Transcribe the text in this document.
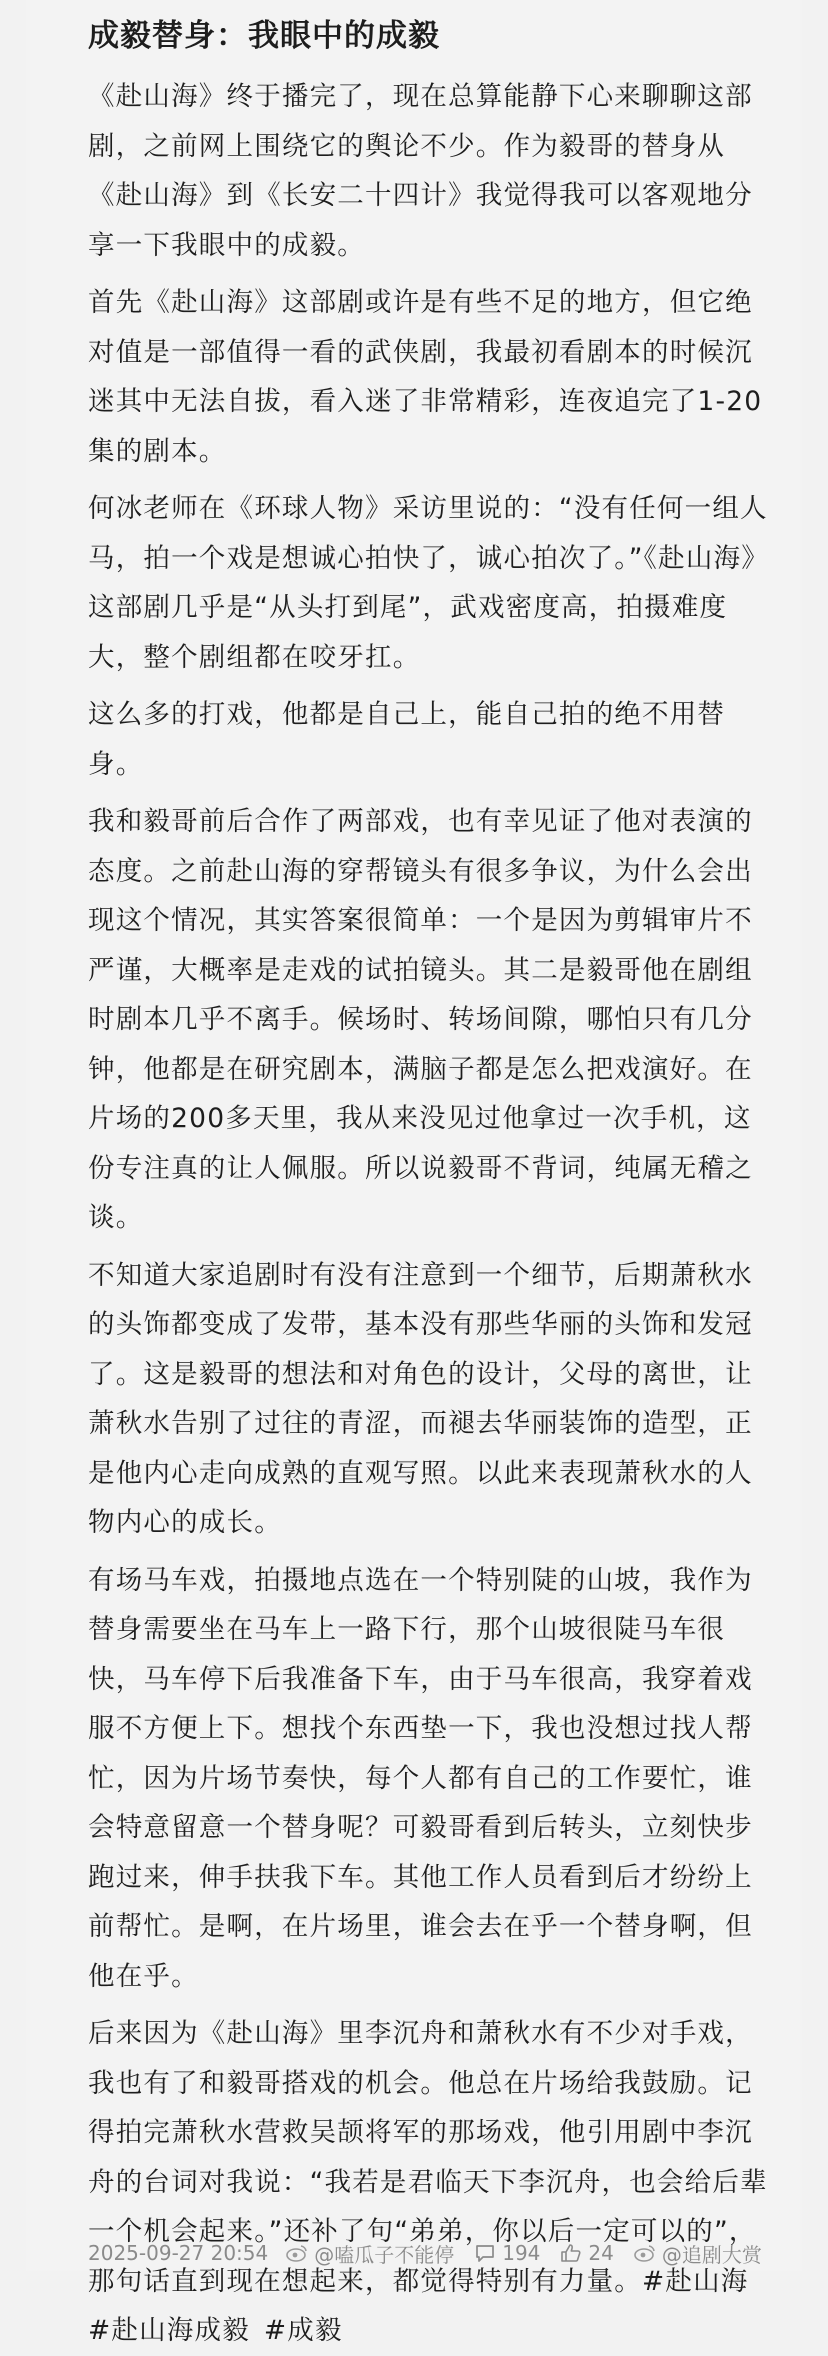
成毅替身：我眼中的成毅

《赴山海》终于播完了，现在总算能静下心来聊聊这部剧，之前网上围绕它的舆论不少。作为毅哥的替身从《赴山海》到《长安二十四计》我觉得我可以客观地分享一下我眼中的成毅。

首先《赴山海》这部剧或许是有些不足的地方，但它绝对值是一部值得一看的武侠剧，我最初看剧本的时候沉迷其中无法自拔，看入迷了非常精彩，连夜追完了1-20集的剧本。

何冰老师在《环球人物》采访里说的：“没有任何一组人马，拍一个戏是想诚心拍快了，诚心拍次了。”《赴山海》这部剧几乎是“从头打到尾”，武戏密度高，拍摄难度大，整个剧组都在咬牙扛。

这么多的打戏，他都是自己上，能自己拍的绝不用替身。

我和毅哥前后合作了两部戏，也有幸见证了他对表演的态度。之前赴山海的穿帮镜头有很多争议，为什么会出现这个情况，其实答案很简单：一个是因为剪辑审片不严谨，大概率是走戏的试拍镜头。其二是毅哥他在剧组时剧本几乎不离手。候场时、转场间隙，哪怕只有几分钟，他都是在研究剧本，满脑子都是怎么把戏演好。在片场的200多天里，我从来没见过他拿过一次手机，这份专注真的让人佩服。所以说毅哥不背词，纯属无稽之谈。

不知道大家追剧时有没有注意到一个细节，后期萧秋水的头饰都变成了发带，基本没有那些华丽的头饰和发冠了。这是毅哥的想法和对角色的设计，父母的离世，让萧秋水告别了过往的青涩，而褪去华丽装饰的造型，正是他内心走向成熟的直观写照。以此来表现萧秋水的人物内心的成长。

有场马车戏，拍摄地点选在一个特别陡的山坡，我作为替身需要坐在马车上一路下行，那个山坡很陡马车很快，马车停下后我准备下车，由于马车很高，我穿着戏服不方便上下。想找个东西垫一下，我也没想过找人帮忙，因为片场节奏快，每个人都有自己的工作要忙，谁会特意留意一个替身呢？可毅哥看到后转头，立刻快步跑过来，伸手扶我下车。其他工作人员看到后才纷纷上前帮忙。是啊，在片场里，谁会去在乎一个替身啊，但他在乎。

后来因为《赴山海》里李沉舟和萧秋水有不少对手戏，我也有了和毅哥搭戏的机会。他总在片场给我鼓励。记得拍完萧秋水营救吴颉将军的那场戏，他引用剧中李沉舟的台词对我说：“我若是君临天下李沉舟，也会给后辈一个机会起来。”还补了句“弟弟，你以后一定可以的”，那句话直到现在想起来，都觉得特别有力量。#赴山海#赴山海成毅 #成毅

2025-09-27 20:54 @嗑瓜子不能停 194 24 @追剧大赏
